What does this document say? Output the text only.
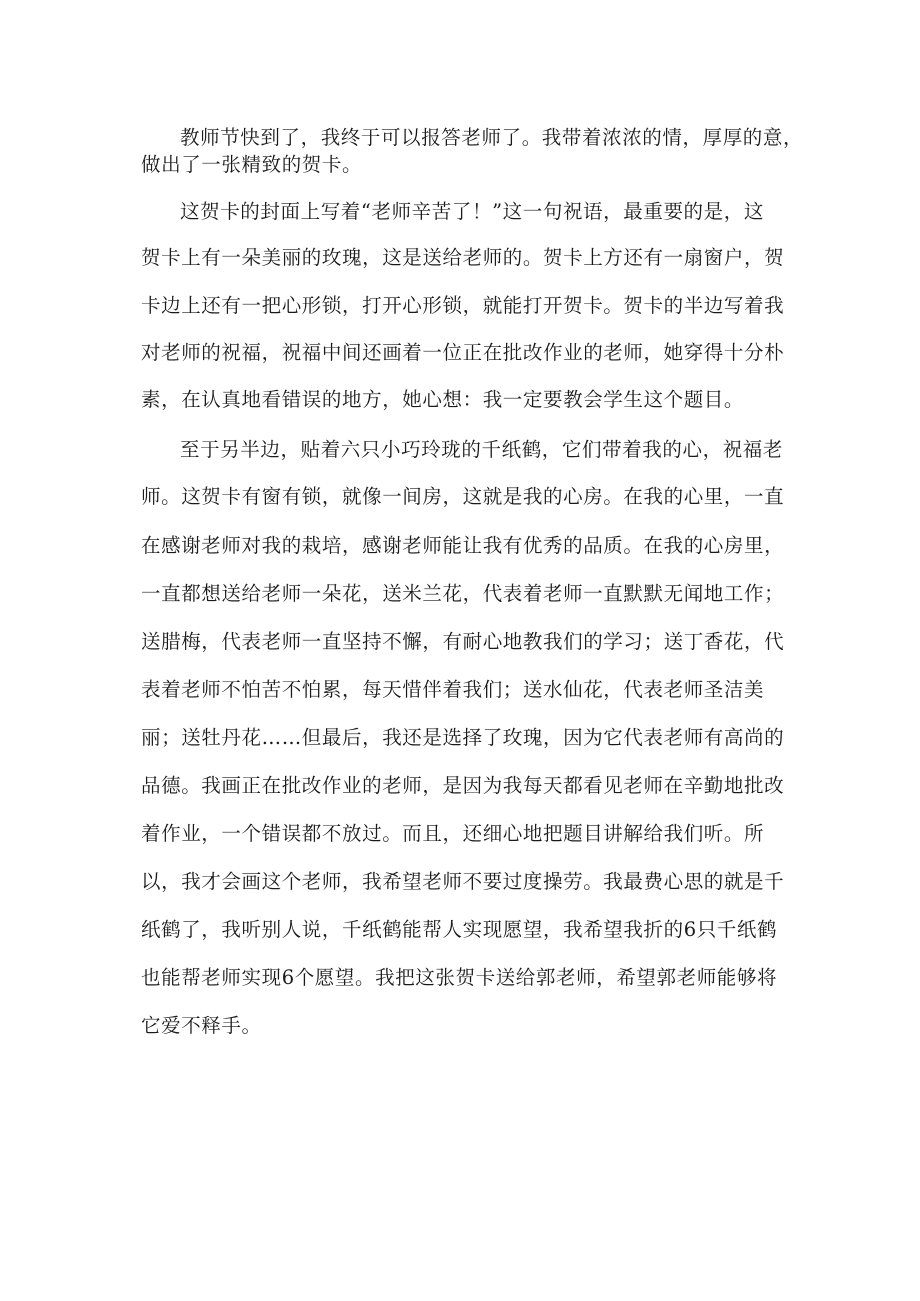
教师节快到了，我终于可以报答老师了。我带着浓浓的情，厚厚的意，
做出了一张精致的贺卡。
这贺卡的封面上写着“老师辛苦了！”这一句祝语，最重要的是，这
贺卡上有一朵美丽的玫瑰，这是送给老师的。贺卡上方还有一扇窗户，贺
卡边上还有一把心形锁，打开心形锁，就能打开贺卡。贺卡的半边写着我
对老师的祝福，祝福中间还画着一位正在批改作业的老师，她穿得十分朴
素，在认真地看错误的地方，她心想：我一定要教会学生这个题目。
至于另半边，贴着六只小巧玲珑的千纸鹤，它们带着我的心，祝福老
师。这贺卡有窗有锁，就像一间房，这就是我的心房。在我的心里，一直
在感谢老师对我的栽培，感谢老师能让我有优秀的品质。在我的心房里，
一直都想送给老师一朵花，送米兰花，代表着老师一直默默无闻地工作；
送腊梅，代表老师一直坚持不懈，有耐心地教我们的学习；送丁香花，代
表着老师不怕苦不怕累，每天惜伴着我们；送水仙花，代表老师圣洁美
丽；送牡丹花……但最后，我还是选择了玫瑰，因为它代表老师有高尚的
品德。我画正在批改作业的老师，是因为我每天都看见老师在辛勤地批改
着作业，一个错误都不放过。而且，还细心地把题目讲解给我们听。所
以，我才会画这个老师，我希望老师不要过度操劳。我最费心思的就是千
纸鹤了，我听别人说，千纸鹤能帮人实现愿望，我希望我折的6只千纸鹤
也能帮老师实现6个愿望。我把这张贺卡送给郭老师，希望郭老师能够将
它爱不释手。
